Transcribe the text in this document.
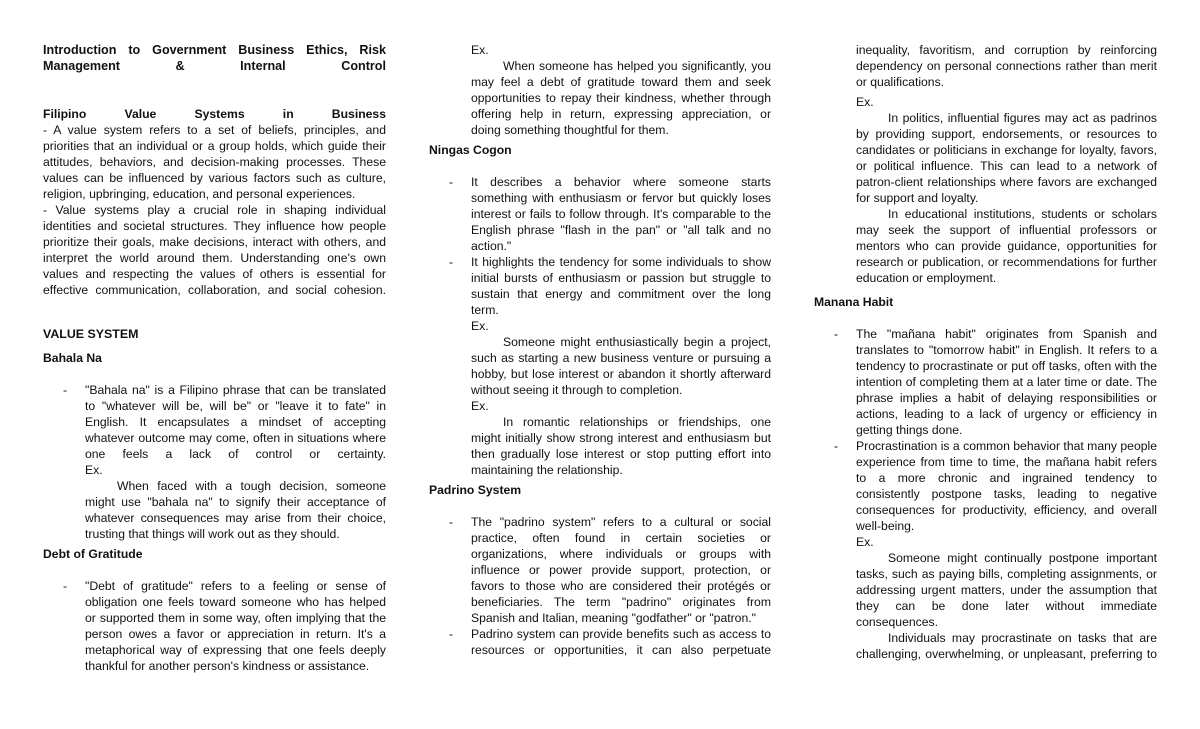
Introduction to Government Business Ethics, Risk

Management & Internal Control

Filipino Value Systems in Business

- A value system refers to a set of beliefs, principles, and priorities that an individual or a group holds, which guide their attitudes, behaviors, and decision-making processes. These values can be influenced by various factors such as culture, religion, upbringing, education, and personal experiences.

- Value systems play a crucial role in shaping individual identities and societal structures. They influence how people prioritize their goals, make decisions, interact with others, and interpret the world around them. Understanding one's own values and respecting the values of others is essential for effective communication, collaboration, and social cohesion.

VALUE SYSTEM

Bahala Na

- "Bahala na" is a Filipino phrase that can be translated to "whatever will be, will be" or "leave it to fate" in English. It encapsulates a mindset of accepting whatever outcome may come, often in situations where one feels a lack of control or certainty.

Ex.

When faced with a tough decision, someone might use "bahala na" to signify their acceptance of whatever consequences may arise from their choice, trusting that things will work out as they should.

Debt of Gratitude

- "Debt of gratitude" refers to a feeling or sense of obligation one feels toward someone who has helped or supported them in some way, often implying that the person owes a favor or appreciation in return. It's a metaphorical way of expressing that one feels deeply thankful for another person's kindness or assistance.

Ex.

When someone has helped you significantly, you may feel a debt of gratitude toward them and seek opportunities to repay their kindness, whether through offering help in return, expressing appreciation, or doing something thoughtful for them.

Ningas Cogon

- It describes a behavior where someone starts something with enthusiasm or fervor but quickly loses interest or fails to follow through. It's comparable to the English phrase "flash in the pan" or "all talk and no action."

- It highlights the tendency for some individuals to show initial bursts of enthusiasm or passion but struggle to sustain that energy and commitment over the long term.

Ex.

Someone might enthusiastically begin a project, such as starting a new business venture or pursuing a hobby, but lose interest or abandon it shortly afterward without seeing it through to completion.

Ex.

In romantic relationships or friendships, one might initially show strong interest and enthusiasm but then gradually lose interest or stop putting effort into maintaining the relationship.

Padrino System

- The "padrino system" refers to a cultural or social practice, often found in certain societies or organizations, where individuals or groups with influence or power provide support, protection, or favors to those who are considered their protégés or beneficiaries. The term "padrino" originates from Spanish and Italian, meaning "godfather" or "patron."

- Padrino system can provide benefits such as access to resources or opportunities, it can also perpetuate

inequality, favoritism, and corruption by reinforcing dependency on personal connections rather than merit or qualifications.

Ex.

In politics, influential figures may act as padrinos by providing support, endorsements, or resources to candidates or politicians in exchange for loyalty, favors, or political influence. This can lead to a network of patron-client relationships where favors are exchanged for support and loyalty.

In educational institutions, students or scholars may seek the support of influential professors or mentors who can provide guidance, opportunities for research or publication, or recommendations for further education or employment.

Manana Habit

- The "mañana habit" originates from Spanish and translates to "tomorrow habit" in English. It refers to a tendency to procrastinate or put off tasks, often with the intention of completing them at a later time or date. The phrase implies a habit of delaying responsibilities or actions, leading to a lack of urgency or efficiency in getting things done.

- Procrastination is a common behavior that many people experience from time to time, the mañana habit refers to a more chronic and ingrained tendency to consistently postpone tasks, leading to negative consequences for productivity, efficiency, and overall well-being.

Ex.

Someone might continually postpone important tasks, such as paying bills, completing assignments, or addressing urgent matters, under the assumption that they can be done later without immediate consequences.

Individuals may procrastinate on tasks that are challenging, overwhelming, or unpleasant, preferring to
